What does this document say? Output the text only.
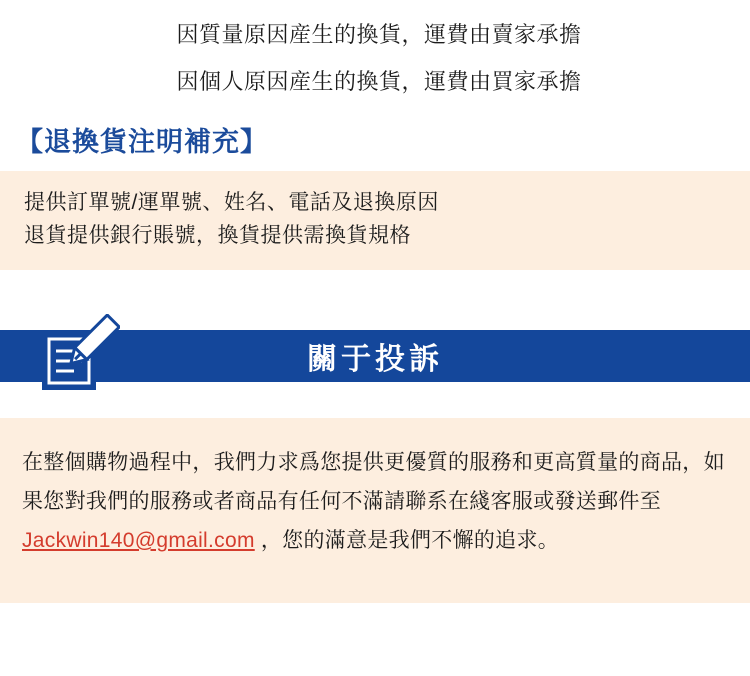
因質量原因産生的換貨，運費由賣家承擔

因個人原因産生的換貨，運費由買家承擔

【退換貨注明補充】
提供訂單號/運單號、姓名、電話及退換原因
退貨提供銀行賬號，換貨提供需換貨規格
關于投訴
在整個購物過程中，我們力求爲您提供更優質的服務和更高質量的商品，如果您對我們的服務或者商品有任何不滿請聯系在綫客服或發送郵件至 Jackwin140@gmail.com ，您的滿意是我們不懈的追求。
